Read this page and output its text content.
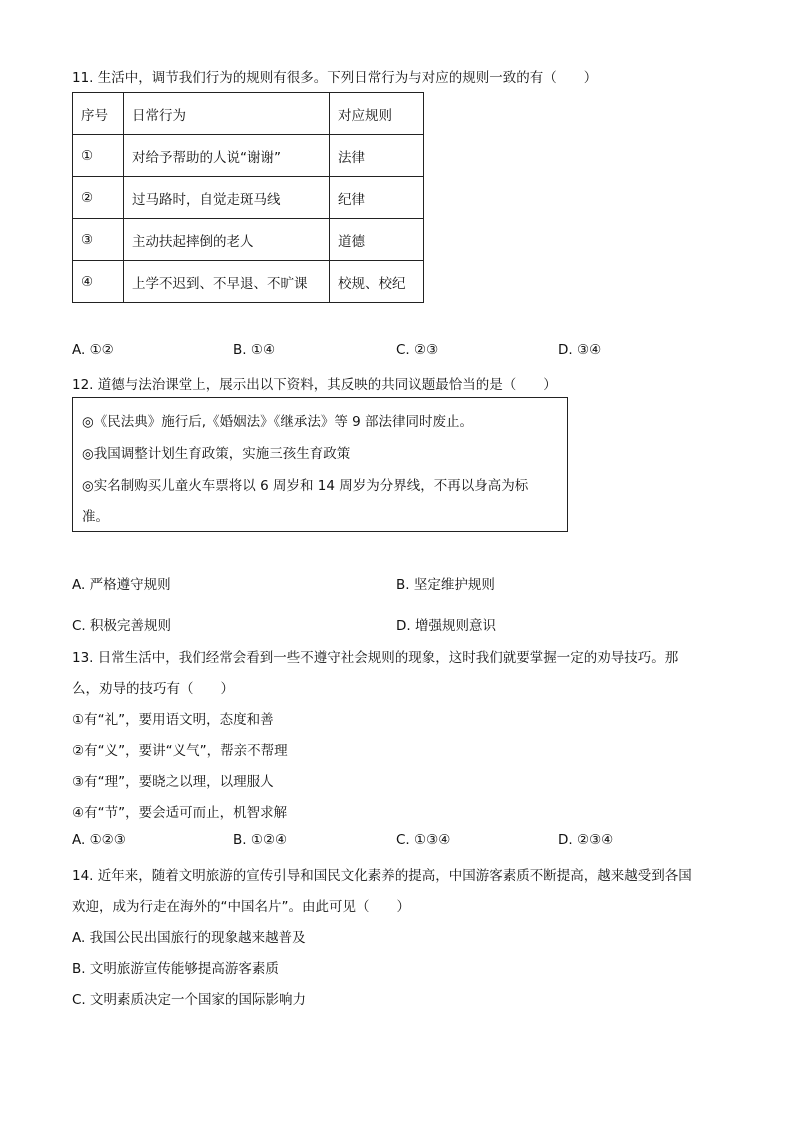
11. 生活中，调节我们行为的规则有很多。下列日常行为与对应的规则一致的有（　　）
序号	日常行为	对应规则
①	对给予帮助的人说“谢谢”	法律
②	过马路时，自觉走斑马线	纪律
③	主动扶起摔倒的老人	道德
④	上学不迟到、不早退、不旷课	校规、校纪
A. ①②	B. ①④	C. ②③	D. ③④
12. 道德与法治课堂上，展示出以下资料，其反映的共同议题最恰当的是（　　）
◎《民法典》施行后,《婚姻法》《继承法》等 9 部法律同时废止。
◎我国调整计划生育政策，实施三孩生育政策
◎实名制购买儿童火车票将以 6 周岁和 14 周岁为分界线，不再以身高为标
准。
A. 严格遵守规则	B. 坚定维护规则
C. 积极完善规则	D. 增强规则意识
13. 日常生活中，我们经常会看到一些不遵守社会规则的现象，这时我们就要掌握一定的劝导技巧。那
么，劝导的技巧有（　　）
①有“礼”，要用语文明，态度和善
②有“义”，要讲“义气”，帮亲不帮理
③有“理”，要晓之以理，以理服人
④有“节”，要会适可而止，机智求解
A. ①②③	B. ①②④	C. ①③④	D. ②③④
14. 近年来，随着文明旅游的宣传引导和国民文化素养的提高，中国游客素质不断提高，越来越受到各国
欢迎，成为行走在海外的“中国名片”。由此可见（　　）
A. 我国公民出国旅行的现象越来越普及
B. 文明旅游宣传能够提高游客素质
C. 文明素质决定一个国家的国际影响力
